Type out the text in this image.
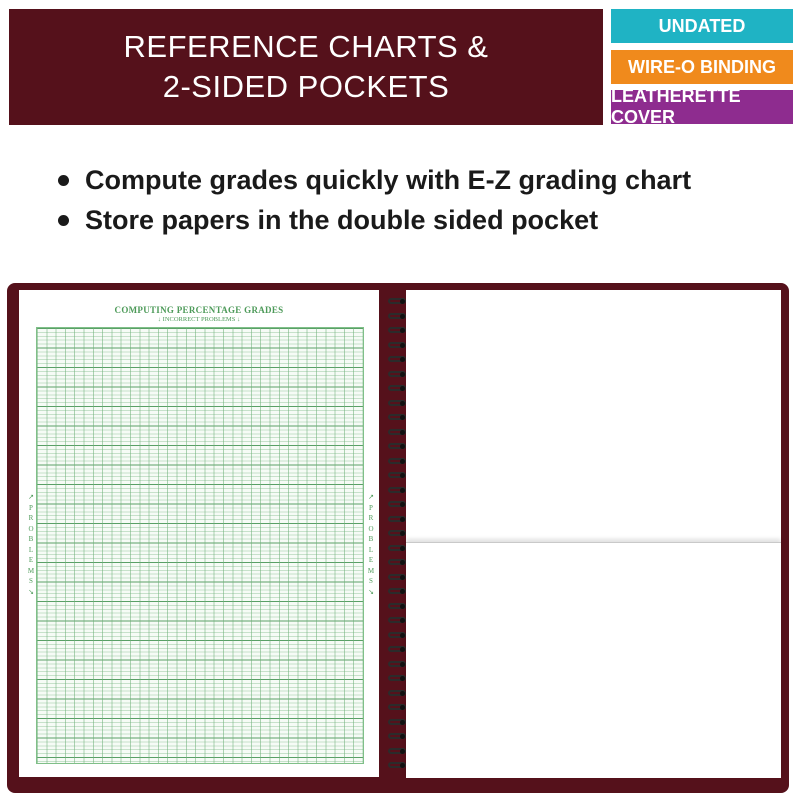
REFERENCE CHARTS &
2-SIDED POCKETS
UNDATED
WIRE-O BINDING
LEATHERETTE COVER
Compute grades quickly with E-Z grading chart
Store papers in the double sided pocket
COMPUTING PERCENTAGE GRADES
↓ INCORRECT PROBLEMS ↓
↗
P
R
O
B
L
E
M
S
↘
↗
P
R
O
B
L
E
M
S
↘
